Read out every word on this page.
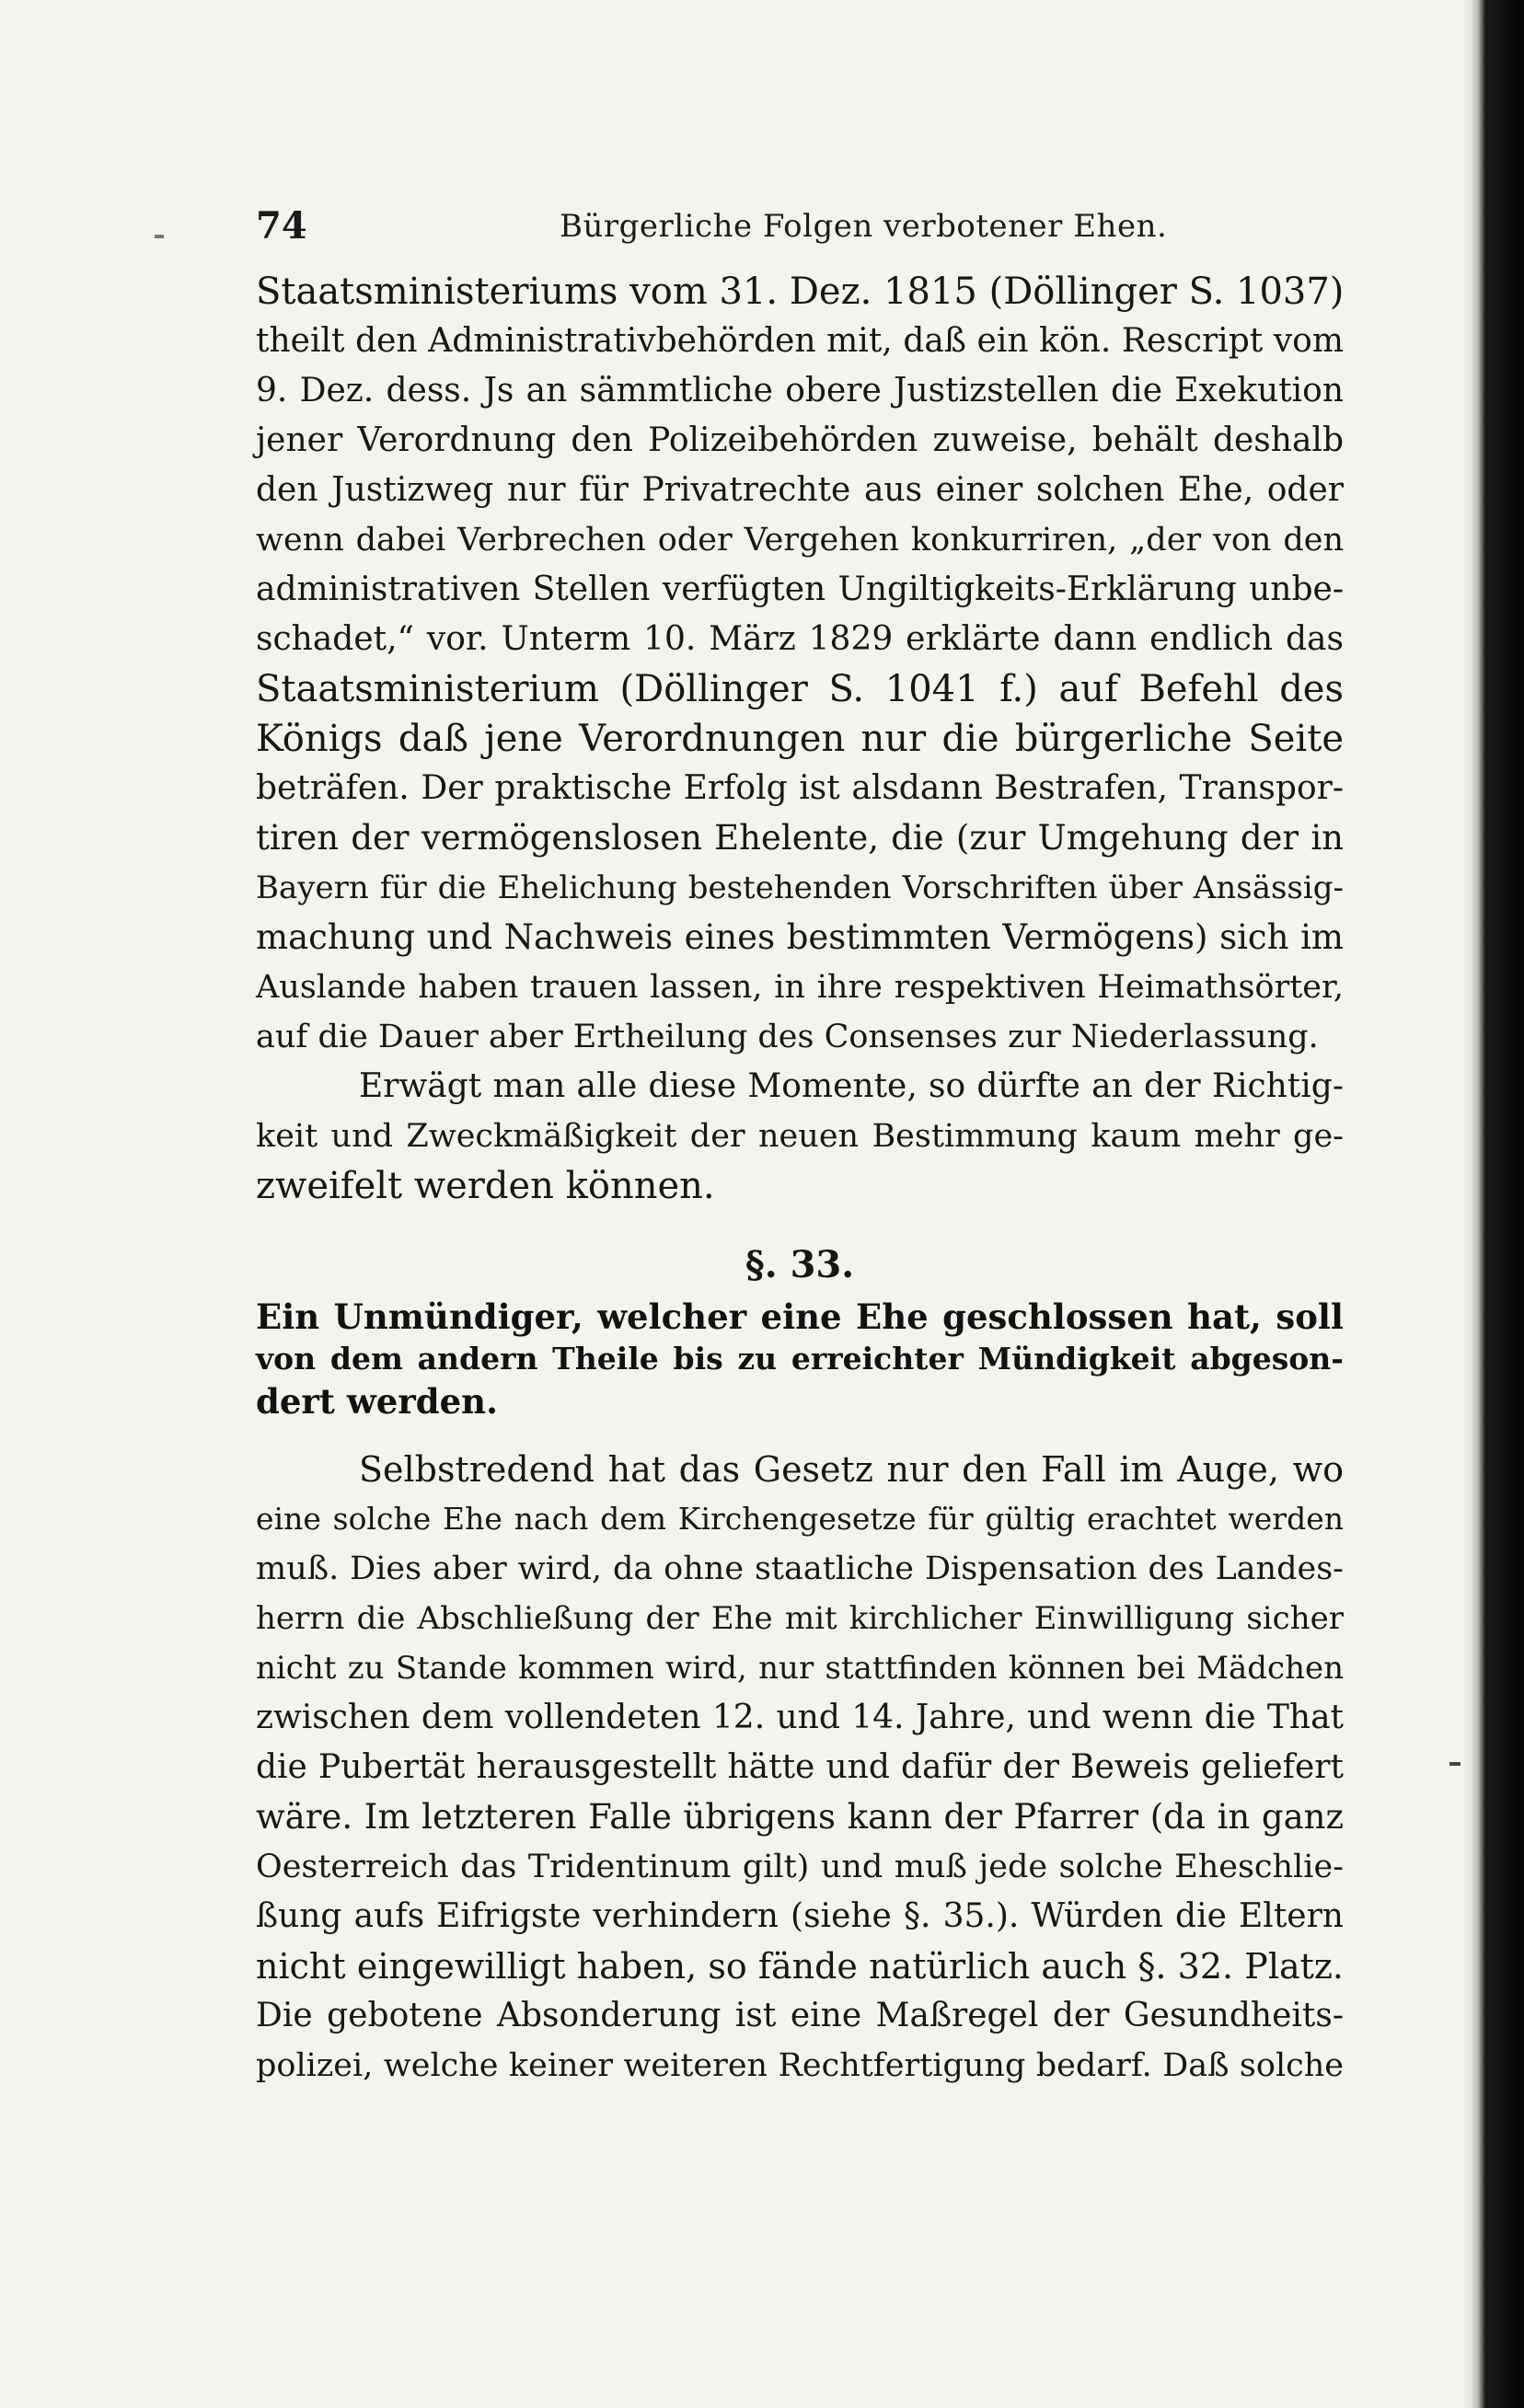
74	Bürgerliche Folgen verbotener Ehen.
Staatsministeriums vom 31. Dez. 1815 (Döllinger S. 1037)
theilt den Administrativbehörden mit, daß ein kön. Rescript vom
9. Dez. dess. Js an sämmtliche obere Justizstellen die Exekution
jener Verordnung den Polizeibehörden zuweise, behält deshalb
den Justizweg nur für Privatrechte aus einer solchen Ehe, oder
wenn dabei Verbrechen oder Vergehen konkurriren, „der von den
administrativen Stellen verfügten Ungiltigkeits-Erklärung unbe-
schadet,“ vor. Unterm 10. März 1829 erklärte dann endlich das
Staatsministerium (Döllinger S. 1041 f.) auf Befehl des
Königs daß jene Verordnungen nur die bürgerliche Seite
beträfen. Der praktische Erfolg ist alsdann Bestrafen, Transpor-
tiren der vermögenslosen Ehelente, die (zur Umgehung der in
Bayern für die Ehelichung bestehenden Vorschriften über Ansässig-
machung und Nachweis eines bestimmten Vermögens) sich im
Auslande haben trauen lassen, in ihre respektiven Heimathsörter,
auf die Dauer aber Ertheilung des Consenses zur Niederlassung.
Erwägt man alle diese Momente, so dürfte an der Richtig-
keit und Zweckmäßigkeit der neuen Bestimmung kaum mehr ge-
zweifelt werden können.
§. 33.
Ein Unmündiger, welcher eine Ehe geschlossen hat, soll
von dem andern Theile bis zu erreichter Mündigkeit abgeson-
dert werden.
Selbstredend hat das Gesetz nur den Fall im Auge, wo
eine solche Ehe nach dem Kirchengesetze für gültig erachtet werden
muß. Dies aber wird, da ohne staatliche Dispensation des Landes-
herrn die Abschließung der Ehe mit kirchlicher Einwilligung sicher
nicht zu Stande kommen wird, nur stattfinden können bei Mädchen
zwischen dem vollendeten 12. und 14. Jahre, und wenn die That
die Pubertät herausgestellt hätte und dafür der Beweis geliefert
wäre. Im letzteren Falle übrigens kann der Pfarrer (da in ganz
Oesterreich das Tridentinum gilt) und muß jede solche Eheschlie-
ßung aufs Eifrigste verhindern (siehe §. 35.). Würden die Eltern
nicht eingewilligt haben, so fände natürlich auch §. 32. Platz.
Die gebotene Absonderung ist eine Maßregel der Gesundheits-
polizei, welche keiner weiteren Rechtfertigung bedarf. Daß solche
